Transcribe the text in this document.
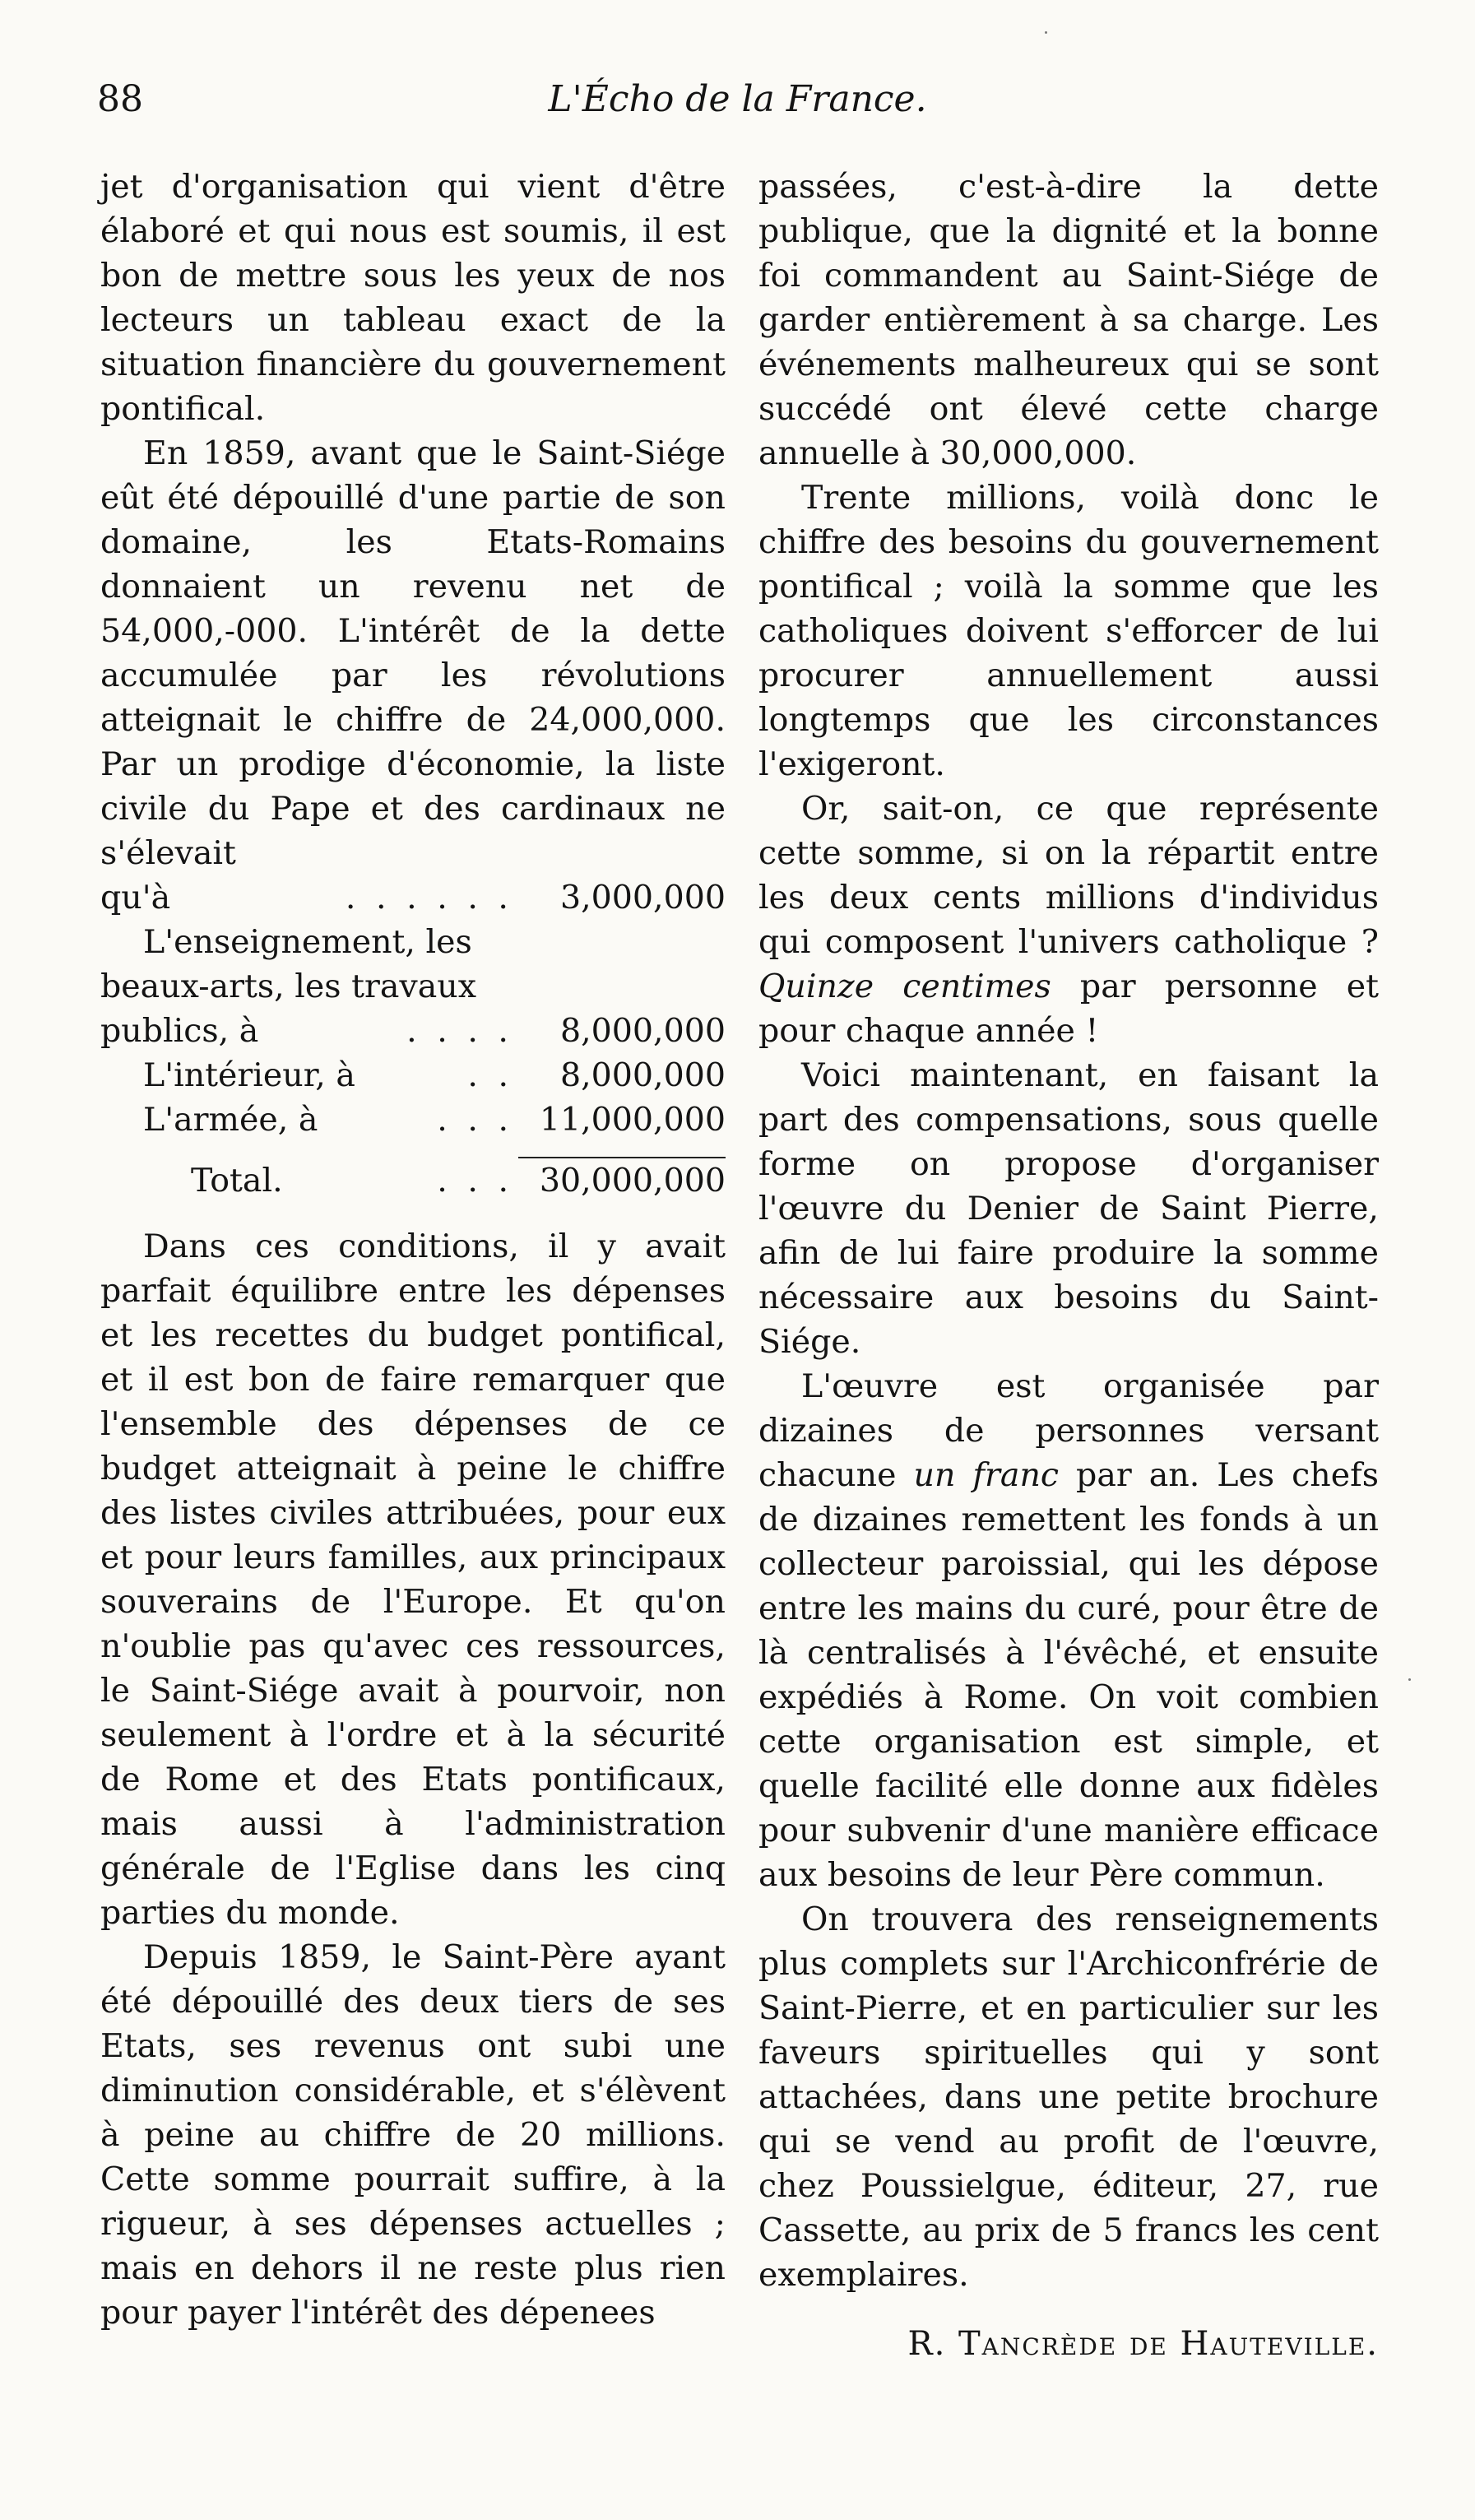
88	L'Écho de la France.

jet d'organisation qui vient d'être élaboré et qui nous est soumis, il est bon de mettre sous les yeux de nos lecteurs un tableau exact de la situation financière du gouvernement pontifical.

En 1859, avant que le Saint-Siége eût été dépouillé d'une partie de son domaine, les Etats-Romains donnaient un revenu net de 54,000,-000. L'intérêt de la dette accumulée par les révolutions atteignait le chiffre de 24,000,000. Par un prodige d'économie, la liste civile du Pape et des cardinaux ne s'élevait

qu'à	. . . . . .	3,000,000
L'enseignement, les
beaux-arts, les travaux
publics, à	. . . .	8,000,000
L'intérieur, à	. .	8,000,000
L'armée, à	. . . 11,000,000
Total.	. . . 30,000,000

Dans ces conditions, il y avait parfait équilibre entre les dépenses et les recettes du budget pontifical, et il est bon de faire remarquer que l'ensemble des dépenses de ce budget atteignait à peine le chiffre des listes civiles attribuées, pour eux et pour leurs familles, aux principaux souverains de l'Europe. Et qu'on n'oublie pas qu'avec ces ressources, le Saint-Siége avait à pourvoir, non seulement à l'ordre et à la sécurité de Rome et des Etats pontificaux, mais aussi à l'administration générale de l'Eglise dans les cinq parties du monde.

Depuis 1859, le Saint-Père ayant été dépouillé des deux tiers de ses Etats, ses revenus ont subi une diminution considérable, et s'élèvent à peine au chiffre de 20 millions. Cette somme pourrait suffire, à la rigueur, à ses dépenses actuelles ; mais en dehors il ne reste plus rien pour payer l'intérêt des dépenees

passées, c'est-à-dire la dette publique, que la dignité et la bonne foi commandent au Saint-Siége de garder entièrement à sa charge. Les événements malheureux qui se sont succédé ont élevé cette charge annuelle à 30,000,000.

Trente millions, voilà donc le chiffre des besoins du gouvernement pontifical ; voilà la somme que les catholiques doivent s'efforcer de lui procurer annuellement aussi longtemps que les circonstances l'exigeront.

Or, sait-on, ce que représente cette somme, si on la répartit entre les deux cents millions d'individus qui composent l'univers catholique ? Quinze centimes par personne et pour chaque année !

Voici maintenant, en faisant la part des compensations, sous quelle forme on propose d'organiser l'œuvre du Denier de Saint Pierre, afin de lui faire produire la somme nécessaire aux besoins du Saint-Siége.

L'œuvre est organisée par dizaines de personnes versant chacune un franc par an. Les chefs de dizaines remettent les fonds à un collecteur paroissial, qui les dépose entre les mains du curé, pour être de là centralisés à l'évêché, et ensuite expédiés à Rome. On voit combien cette organisation est simple, et quelle facilité elle donne aux fidèles pour subvenir d'une manière efficace aux besoins de leur Père commun.

On trouvera des renseignements plus complets sur l'Archiconfrérie de Saint-Pierre, et en particulier sur les faveurs spirituelles qui y sont attachées, dans une petite brochure qui se vend au profit de l'œuvre, chez Poussielgue, éditeur, 27, rue Cassette, au prix de 5 francs les cent exemplaires.

R. Tancrède de Hauteville.
